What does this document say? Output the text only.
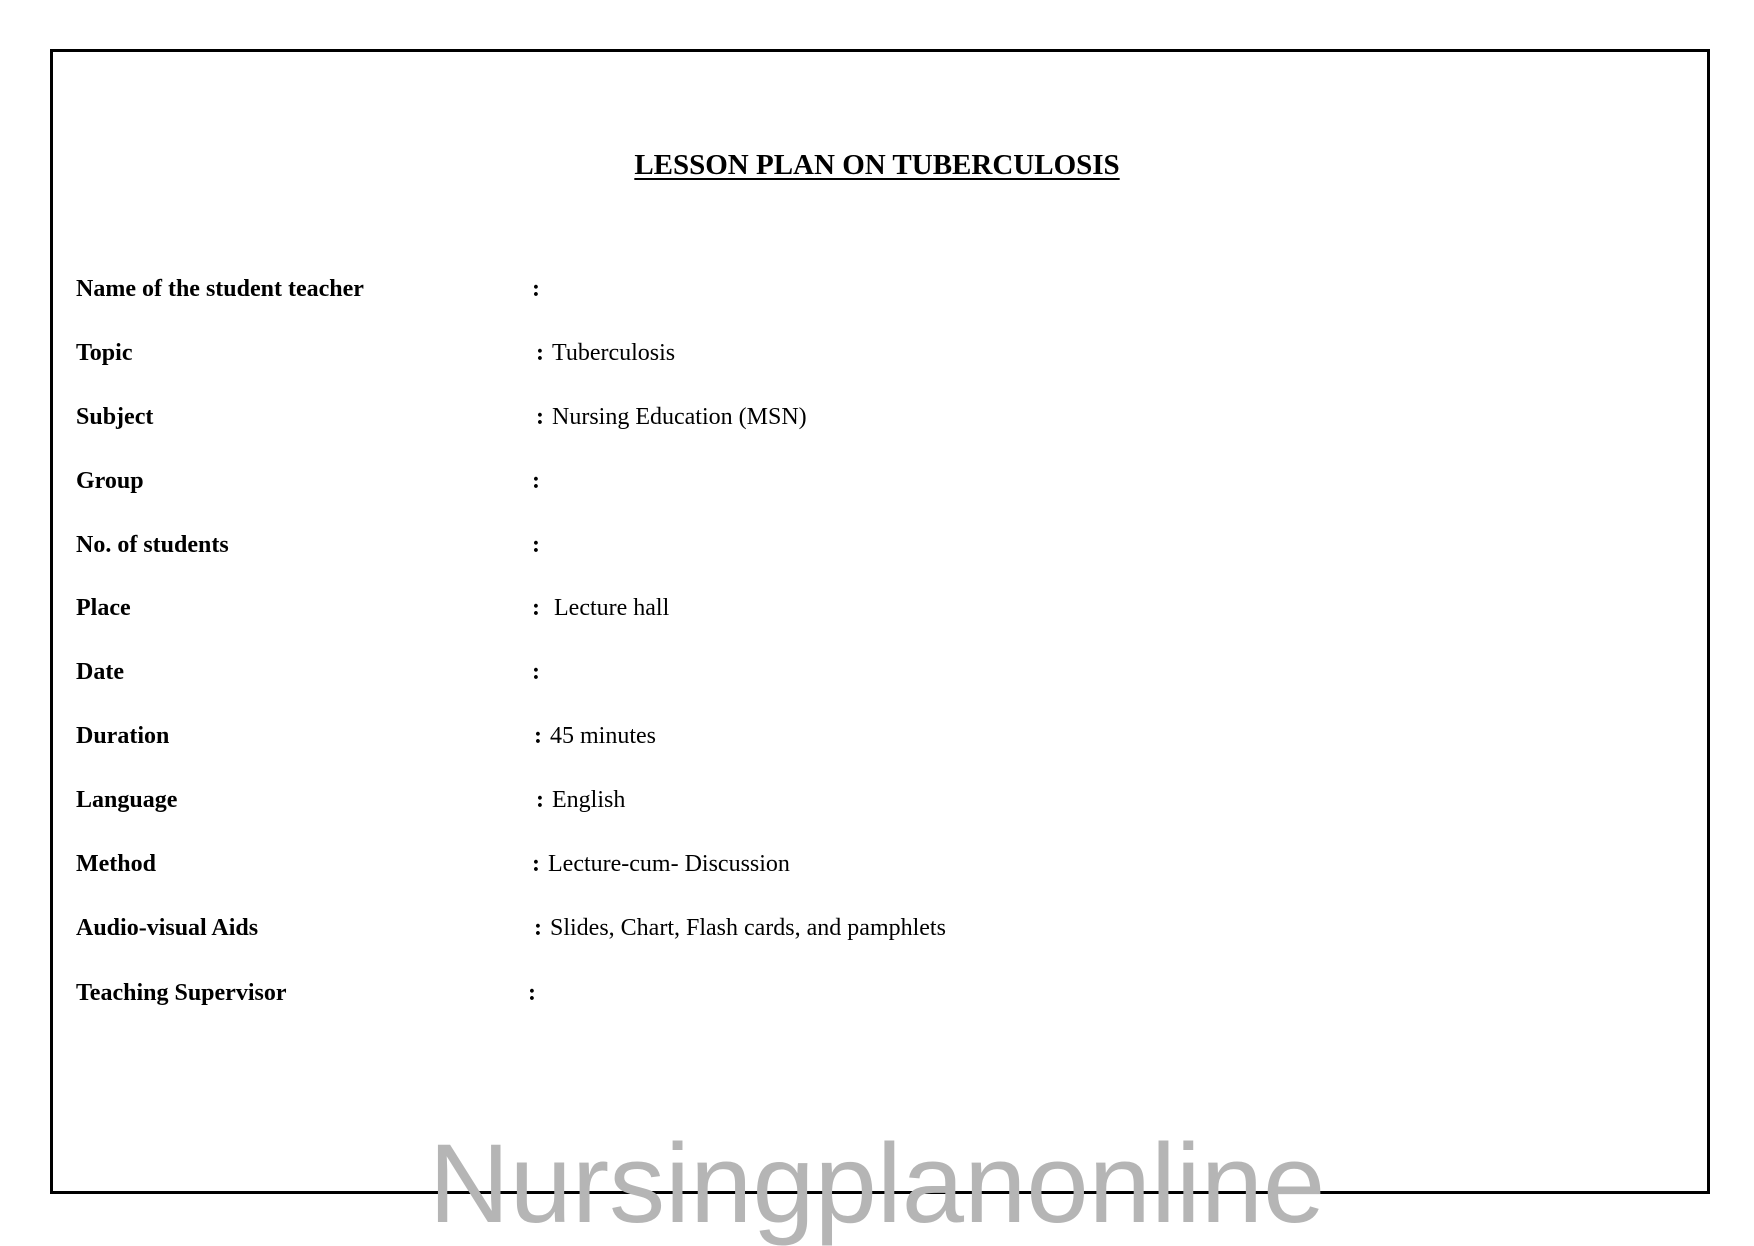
LESSON PLAN ON TUBERCULOSIS
Name of the student teacher	:
Topic	: Tuberculosis
Subject	: Nursing Education (MSN)
Group	:
No. of students	:
Place	: Lecture hall
Date	:
Duration	: 45 minutes
Language	: English
Method	: Lecture-cum- Discussion
Audio-visual Aids	: Slides, Chart, Flash cards, and pamphlets
Teaching Supervisor	:
Nursingplanonline
